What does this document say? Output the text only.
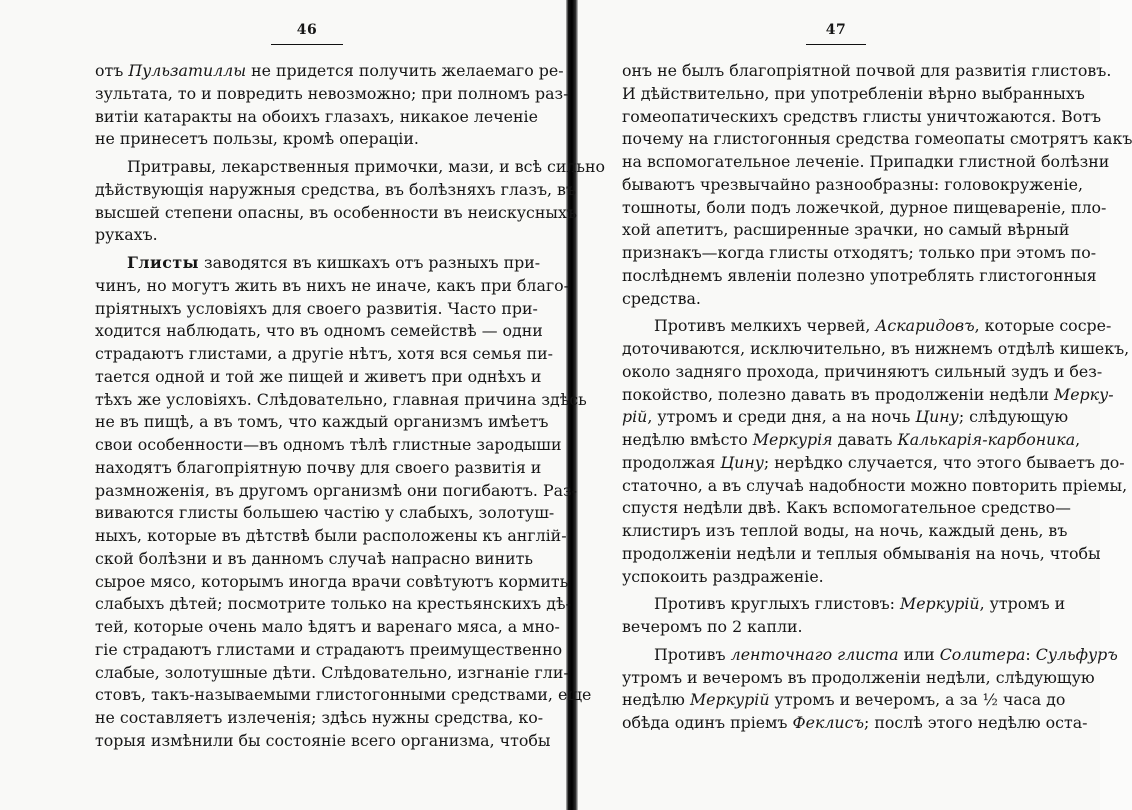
46	47
отъ Пульзатиллы не придется получить желаемаго ре-
зультата, то и повредить невозможно; при полномъ раз-
витіи катаракты на обоихъ глазахъ, никакое леченіе
не принесетъ пользы, кромѣ операціи.
Притравы, лекарственныя примочки, мази, и всѣ сильно
дѣйствующія наружныя средства, въ болѣзняхъ глазъ, въ
высшей степени опасны, въ особенности въ неискусныхъ
рукахъ.
Глисты заводятся въ кишкахъ отъ разныхъ при-
чинъ, но могутъ жить въ нихъ не иначе, какъ при благо-
пріятныхъ условіяхъ для своего развитія. Часто при-
ходится наблюдать, что въ одномъ семействѣ — одни
страдаютъ глистами, а другіе нѣтъ, хотя вся семья пи-
тается одной и той же пищей и живетъ при однѣхъ и
тѣхъ же условіяхъ. Слѣдовательно, главная причина здѣсь
не въ пищѣ, а въ томъ, что каждый организмъ имѣетъ
свои особенности—въ одномъ тѣлѣ глистные зародыши
находятъ благопріятную почву для своего развитія и
размноженія, въ другомъ организмѣ они погибаютъ. Раз-
виваются глисты большею частію у слабыхъ, золотуш-
ныхъ, которые въ дѣтствѣ были расположены къ англій-
ской болѣзни и въ данномъ случаѣ напрасно винить
сырое мясо, которымъ иногда врачи совѣтуютъ кормить
слабыхъ дѣтей; посмотрите только на крестьянскихъ дѣ-
тей, которые очень мало ѣдятъ и варенаго мяса, а мно-
гіе страдаютъ глистами и страдаютъ преимущественно
слабые, золотушные дѣти. Слѣдовательно, изгнаніе гли-
стовъ, такъ-называемыми глистогонными средствами, еще
не составляетъ излеченія; здѣсь нужны средства, ко-
торыя измѣнили бы состояніе всего организма, чтобы
онъ не былъ благопріятной почвой для развитія глистовъ.
И дѣйствительно, при употребленіи вѣрно выбранныхъ
гомеопатическихъ средствъ глисты уничтожаются. Вотъ
почему на глистогонныя средства гомеопаты смотрятъ какъ
на вспомогательное леченіе. Припадки глистной болѣзни
бываютъ чрезвычайно разнообразны: головокруженіе,
тошноты, боли подъ ложечкой, дурное пищевареніе, пло-
хой апетитъ, расширенные зрачки, но самый вѣрный
признакъ—когда глисты отходятъ; только при этомъ по-
послѣднемъ явленіи полезно употреблять глистогонныя
средства.
Противъ мелкихъ червей, Аскаридовъ, которые сосре-
доточиваются, исключительно, въ нижнемъ отдѣлѣ кишекъ,
около задняго прохода, причиняютъ сильный зудъ и без-
покойство, полезно давать въ продолженіи недѣли Мерку-
рій, утромъ и среди дня, а на ночь Цину; слѣдующую
недѣлю вмѣсто Меркурія давать Калькарія-карбоника,
продолжая Цину; нерѣдко случается, что этого бываетъ до-
статочно, а въ случаѣ надобности можно повторить пріемы,
спустя недѣли двѣ. Какъ вспомогательное средство—
клистиръ изъ теплой воды, на ночь, каждый день, въ
продолженіи недѣли и теплыя обмыванія на ночь, чтобы
успокоить раздраженіе.
Противъ круглыхъ глистовъ: Меркурій, утромъ и
вечеромъ по 2 капли.
Противъ ленточнаго глиста или Солитера: Сульфуръ
утромъ и вечеромъ въ продолженіи недѣли, слѣдующую
недѣлю Меркурій утромъ и вечеромъ, а за ½ часа до
обѣда одинъ пріемъ Феклисъ; послѣ этого недѣлю оста-
